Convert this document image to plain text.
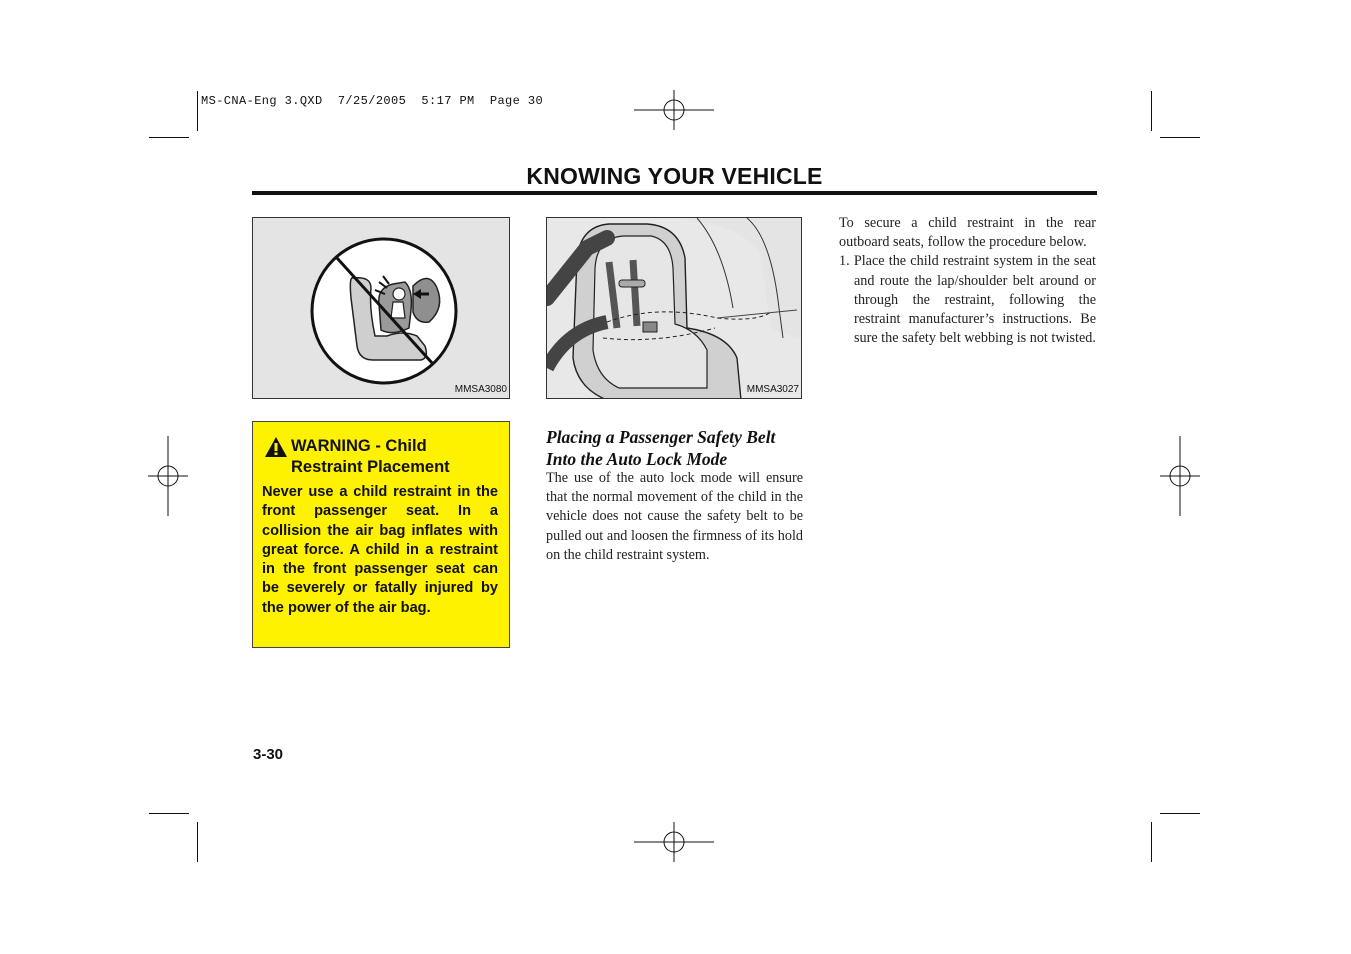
MS-CNA-Eng 3.QXD  7/25/2005  5:17 PM  Page 30
KNOWING YOUR VEHICLE
MMSA3080	MMSA3027
WARNING - Child
Restraint Placement
Never use a child restraint in the front passenger seat. In a collision the air bag inflates with great force. A child in a restraint in the front passenger seat can be severely or fatally injured by the power of the air bag.
Placing a Passenger Safety Belt
Into the Auto Lock Mode
The use of the auto lock mode will ensure that the normal movement of the child in the vehicle does not cause the safety belt to be pulled out and loosen the firmness of its hold on the child restraint system.
To secure a child restraint in the rear outboard seats, follow the procedure below.
1. Place the child restraint system in the seat and route the lap/shoulder belt around or through the restraint, following the restraint manufacturer’s instructions. Be sure the safety belt webbing is not twisted.
3-30
